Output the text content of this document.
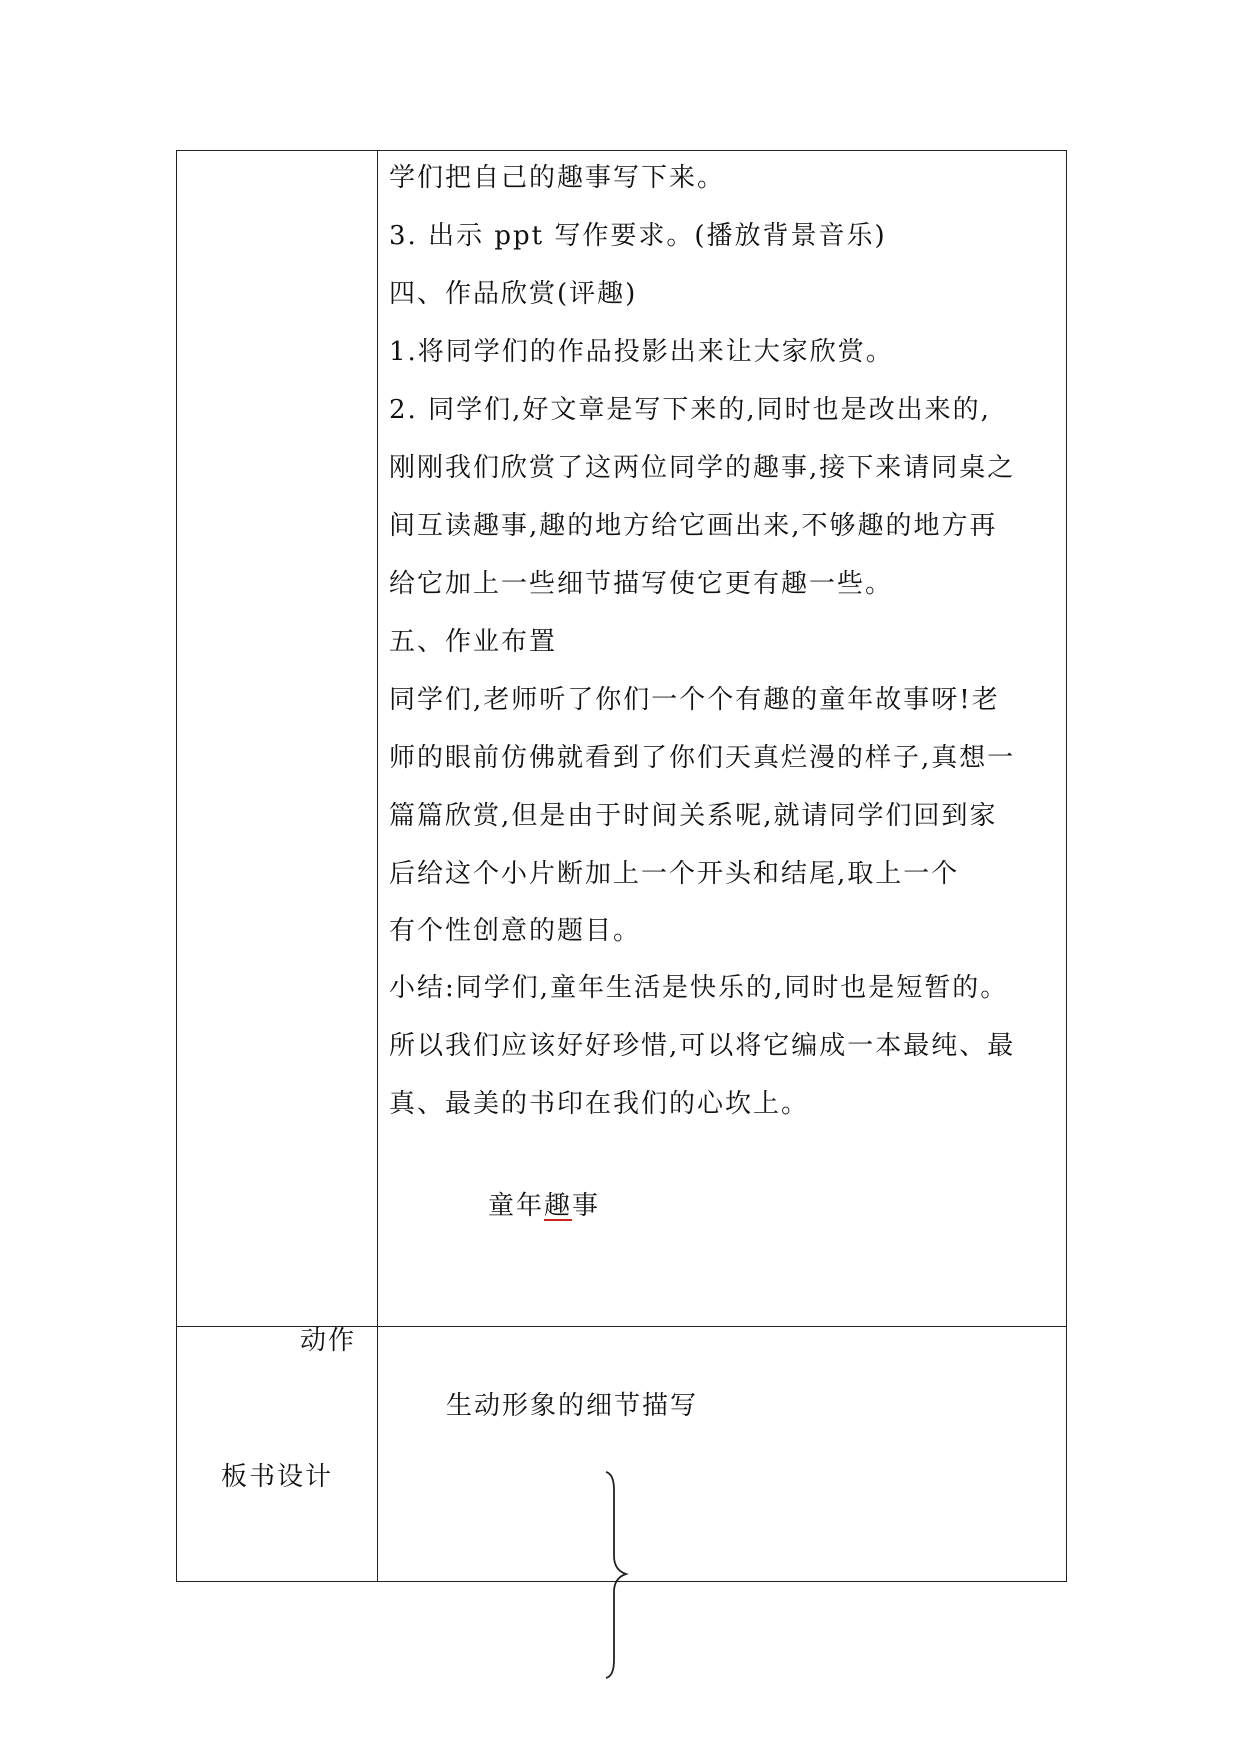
学们把自己的趣事写下来。
3. 出示 ppt 写作要求。(播放背景音乐)
四、作品欣赏(评趣)
1.将同学们的作品投影出来让大家欣赏。
2. 同学们,好文章是写下来的,同时也是改出来的,
刚刚我们欣赏了这两位同学的趣事,接下来请同桌之
间互读趣事,趣的地方给它画出来,不够趣的地方再
给它加上一些细节描写使它更有趣一些。
五、作业布置
同学们,老师听了你们一个个有趣的童年故事呀!老
师的眼前仿佛就看到了你们天真烂漫的样子,真想一
篇篇欣赏,但是由于时间关系呢,就请同学们回到家
后给这个小片断加上一个开头和结尾,取上一个
有个性创意的题目。
小结:同学们,童年生活是快乐的,同时也是短暂的。
所以我们应该好好珍惜,可以将它编成一本最纯、最
真、最美的书印在我们的心坎上。
板书设计
童年趣事
动作
生动形象的细节描写
